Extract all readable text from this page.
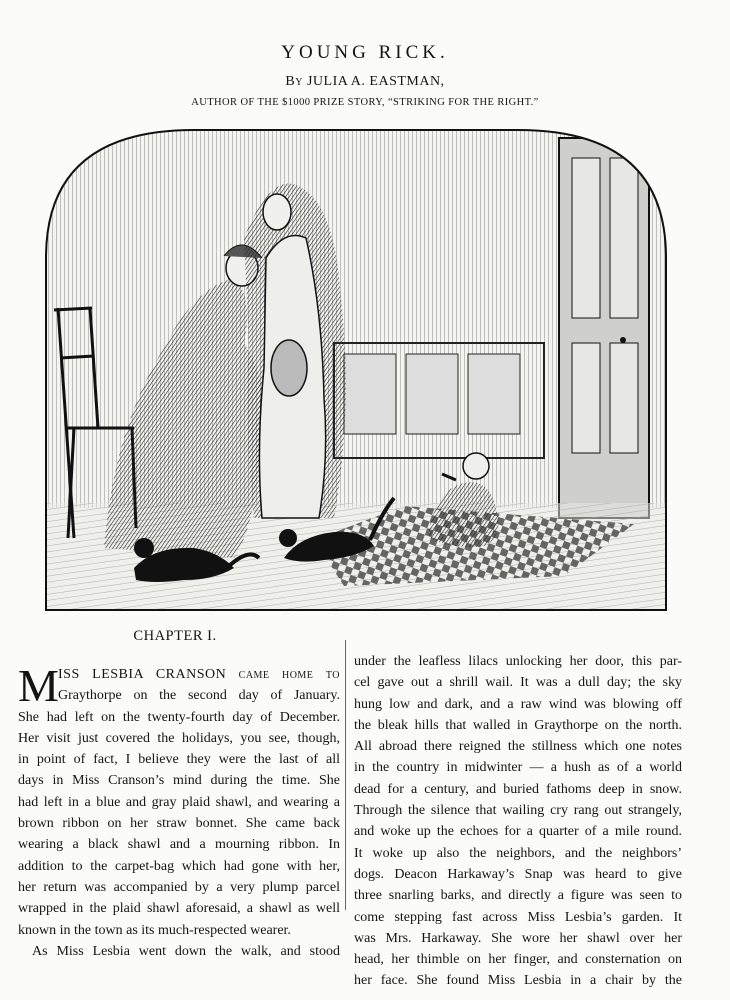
YOUNG RICK.
By JULIA A. EASTMAN,
AUTHOR OF THE $1000 PRIZE STORY, “STRIKING FOR THE RIGHT.”
CHAPTER I.
M ISS LESBIA CRANSON came home to
Graythorpe on the second day of January.
She had left on the twenty-fourth day of December.
Her visit just covered the holidays, you see, though,
in point of fact, I believe they were the last of all
days in Miss Cranson’s mind during the time. She
had left in a blue and gray plaid shawl, and wearing a
brown ribbon on her straw bonnet. She came back
wearing a black shawl and a mourning ribbon. In
addition to the carpet-bag which had gone with her,
her return was accompanied by a very plump parcel
wrapped in the plaid shawl aforesaid, a shawl as well
known in the town as its much-respected wearer.
As Miss Lesbia went down the walk, and stood
under the leafless lilacs unlocking her door, this par-
cel gave out a shrill wail. It was a dull day; the sky
hung low and dark, and a raw wind was blowing off
the bleak hills that walled in Graythorpe on the north.
All abroad there reigned the stillness which one notes
in the country in midwinter — a hush as of a world
dead for a century, and buried fathoms deep in snow.
Through the silence that wailing cry rang out strangely,
and woke up the echoes for a quarter of a mile round.
It woke up also the neighbors, and the neighbors’
dogs. Deacon Harkaway’s Snap was heard to give
three snarling barks, and directly a figure was seen to
come stepping fast across Miss Lesbia’s garden. It
was Mrs. Harkaway. She wore her shawl over her
head, her thimble on her finger, and consternation on
her face. She found Miss Lesbia in a chair by the
